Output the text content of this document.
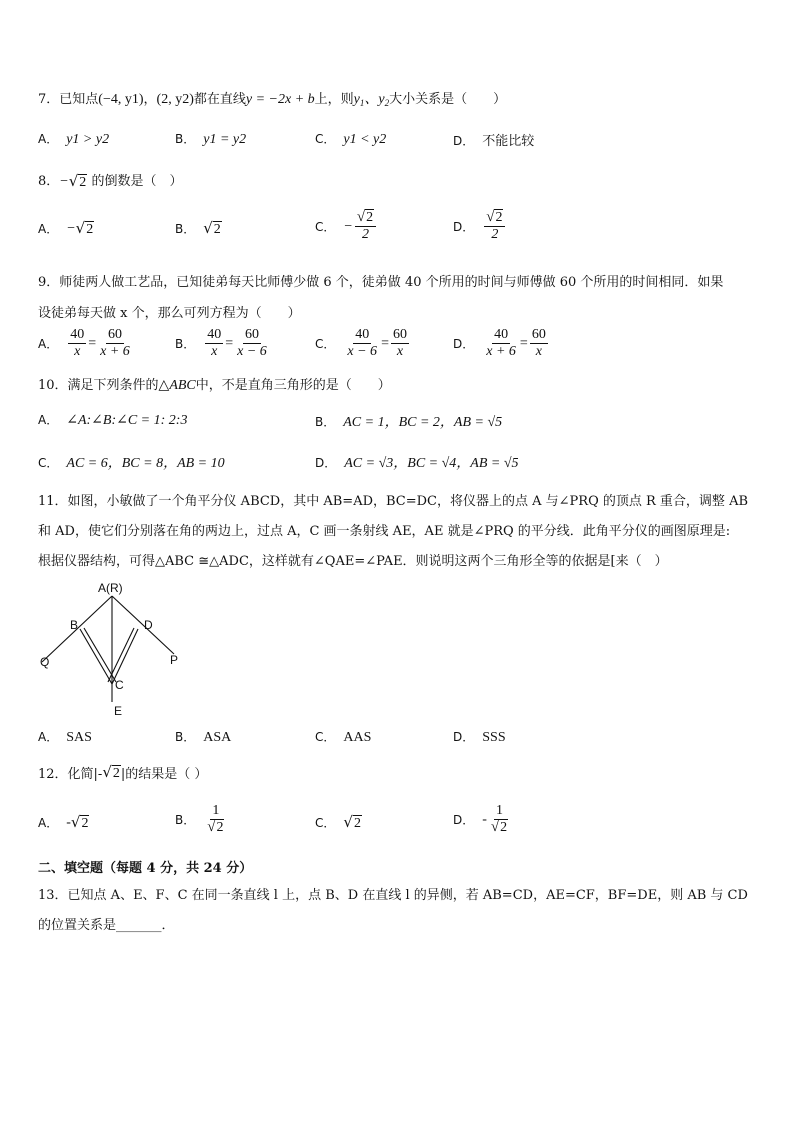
7．已知点(−4, y1)，(2, y2)都在直线y = −2x + b上，则$y_1$、$y_2$大小关系是（　　）
A． y1 > y2	B． y1 = y2	C． y1 < y2	D． 不能比较
8．−√2 的倒数是（　）
A． − √2	B． √2	C． − $\frac{√2}{2}$	D． $\frac{√2}{2}$
9．师徒两人做工艺品，已知徒弟每天比师傅少做 6 个，徒弟做 40 个所用的时间与师傅做 60 个所用的时间相同．如果
设徒弟每天做 x 个，那么可列方程为（　　）
A． $\frac{40}{x} = \frac{60}{x + 6}$	B． $\frac{40}{x} = \frac{60}{x - 6}$	C． $\frac{40}{x - 6} = \frac{60}{x}$	D． $\frac{40}{x + 6} = \frac{60}{x}$
10．满足下列条件的△ABC中，不是直角三角形的是（　　）
A． ∠A:∠B:∠C = 1: 2:3	B． AC = 1，BC = 2，AB = √5
C． AC = 6，BC = 8，AB = 10	D． AC = √3，BC = √4，AB = √5
11．如图，小敏做了一个角平分仪 ABCD，其中 AB=AD，BC=DC，将仪器上的点 A 与∠PRQ 的顶点 R 重合，调整 AB
和 AD，使它们分别落在角的两边上，过点 A，C 画一条射线 AE，AE 就是∠PRQ 的平分线．此角平分仪的画图原理是:
根据仪器结构，可得△ABC ≅△ADC，这样就有∠QAE=∠PAE．则说明这两个三角形全等的依据是[来（　）
A(R)
B	D
Q	P
C
E
A． SAS	B． ASA	C． AAS	D． SSS
12．化简|- √2 |的结果是（ ）
A． - √2	B． $\frac{1}{√2}$	C． √2	D． - $\frac{1}{√2}$
二、填空题（每题 4 分，共 24 分）
13．已知点 A、E、F、C 在同一条直线 l 上，点 B、D 在直线 l 的异侧，若 AB=CD，AE=CF，BF=DE，则 AB 与 CD
的位置关系是_______．
